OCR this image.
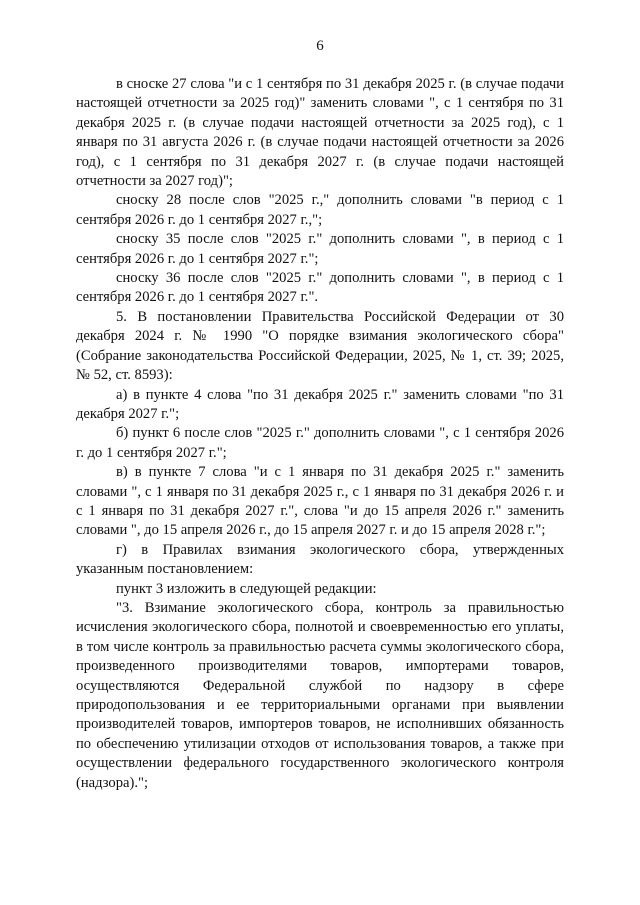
6

в сноске 27 слова "и с 1 сентября по 31 декабря 2025 г. (в случае подачи настоящей отчетности за 2025 год)" заменить словами ", с 1 сентября по 31 декабря 2025 г. (в случае подачи настоящей отчетности за 2025 год), с 1 января по 31 августа 2026 г. (в случае подачи настоящей отчетности за 2026 год), с 1 сентября по 31 декабря 2027 г. (в случае подачи настоящей отчетности за 2027 год)";

сноску 28 после слов "2025 г.," дополнить словами "в период с 1 сентября 2026 г. до 1 сентября 2027 г.,";

сноску 35 после слов "2025 г." дополнить словами ", в период с 1 сентября 2026 г. до 1 сентября 2027 г.";

сноску 36 после слов "2025 г." дополнить словами ", в период с 1 сентября 2026 г. до 1 сентября 2027 г.".

5. В постановлении Правительства Российской Федерации от 30 декабря 2024 г. № 1990 "О порядке взимания экологического сбора" (Собрание законодательства Российской Федерации, 2025, № 1, ст. 39; 2025, № 52, ст. 8593):

а) в пункте 4 слова "по 31 декабря 2025 г." заменить словами "по 31 декабря 2027 г.";

б) пункт 6 после слов "2025 г." дополнить словами ", с 1 сентября 2026 г. до 1 сентября 2027 г.";

в) в пункте 7 слова "и с 1 января по 31 декабря 2025 г." заменить словами ", с 1 января по 31 декабря 2025 г., с 1 января по 31 декабря 2026 г. и с 1 января по 31 декабря 2027 г.", слова "и до 15 апреля 2026 г." заменить словами ", до 15 апреля 2026 г., до 15 апреля 2027 г. и до 15 апреля 2028 г.";

г) в Правилах взимания экологического сбора, утвержденных указанным постановлением:

пункт 3 изложить в следующей редакции:

"3. Взимание экологического сбора, контроль за правильностью исчисления экологического сбора, полнотой и своевременностью его уплаты, в том числе контроль за правильностью расчета суммы экологического сбора, произведенного производителями товаров, импортерами товаров, осуществляются Федеральной службой по надзору в сфере природопользования и ее территориальными органами при выявлении производителей товаров, импортеров товаров, не исполнивших обязанность по обеспечению утилизации отходов от использования товаров, а также при осуществлении федерального государственного экологического контроля (надзора).";
